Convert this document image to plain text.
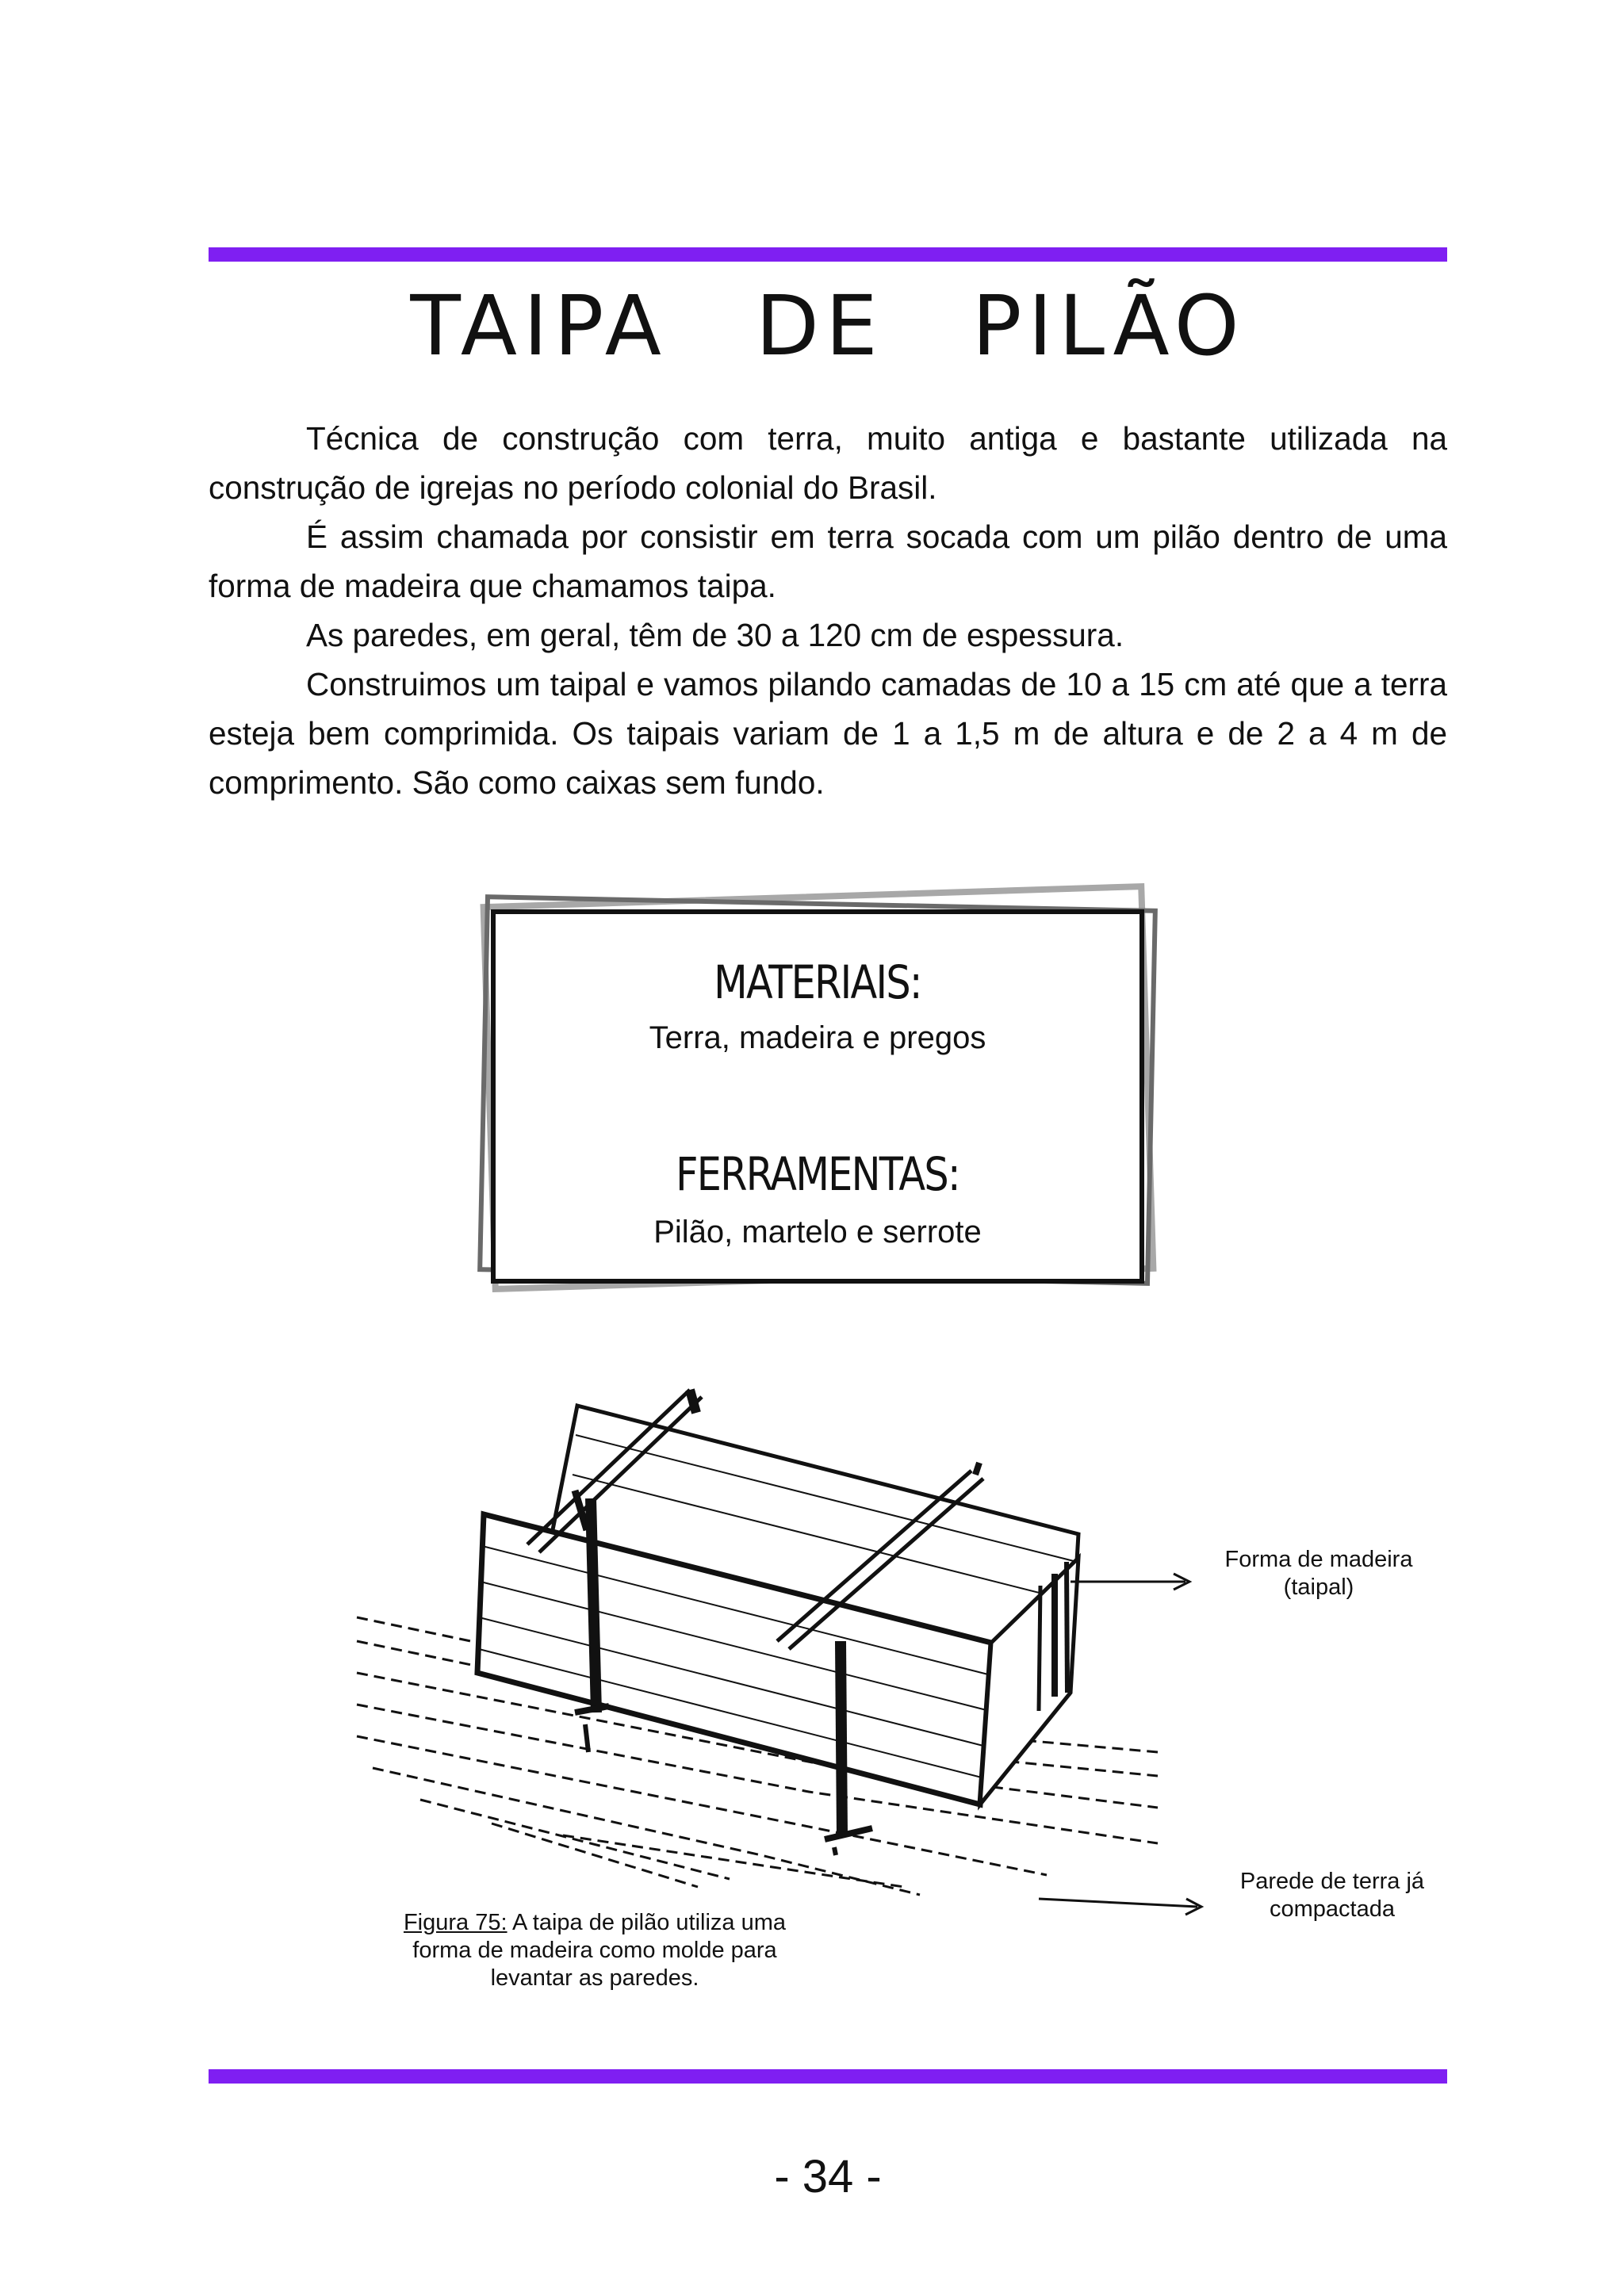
TAIPA DE PILÃO

Técnica de construção com terra, muito antiga e bastante utilizada na construção de igrejas no período colonial do Brasil.

É assim chamada por consistir em terra socada com um pilão dentro de uma forma de madeira que chamamos taipa.

As paredes, em geral, têm de 30 a 120 cm de espessura.

Construimos um taipal e vamos pilando camadas de 10 a 15 cm até que a terra esteja bem comprimida. Os taipais variam de 1 a 1,5 m de altura e de 2 a 4 m de comprimento. São como caixas sem fundo.

MATERIAIS:
Terra, madeira e pregos
FERRAMENTAS:
Pilão, martelo e serrote
Forma de madeira
(taipal)
Parede de terra já
compactada
Figura 75: A taipa de pilão utiliza uma forma de madeira como molde para levantar as paredes.
- 34 -
